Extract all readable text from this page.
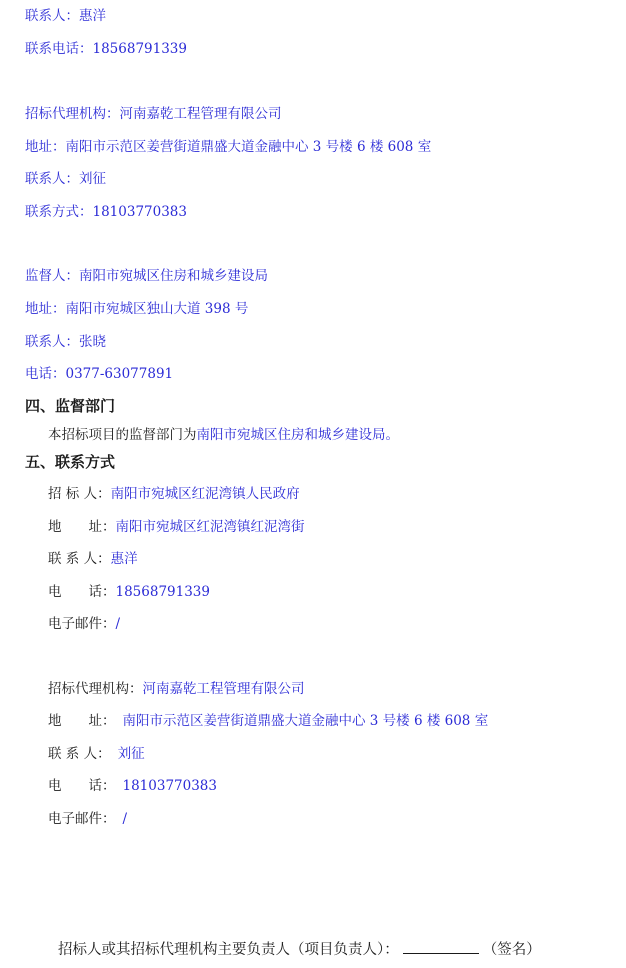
联系人：惠洋
联系电话：18568791339
招标代理机构：河南嘉乾工程管理有限公司
地址：南阳市示范区姜营街道鼎盛大道金融中心 3 号楼 6 楼 608 室
联系人：刘征
联系方式：18103770383
监督人：南阳市宛城区住房和城乡建设局
地址：南阳市宛城区独山大道 398 号
联系人：张晓
电话：0377-63077891
四、监督部门
本招标项目的监督部门为南阳市宛城区住房和城乡建设局。
五、联系方式
招 标 人：南阳市宛城区红泥湾镇人民政府
地　　址：南阳市宛城区红泥湾镇红泥湾街
联 系 人：惠洋
电　　话：18568791339
电子邮件：/
招标代理机构：河南嘉乾工程管理有限公司
地　　址： 南阳市示范区姜营街道鼎盛大道金融中心 3 号楼 6 楼 608 室
联 系 人： 刘征
电　　话： 18103770383
电子邮件： /
招标人或其招标代理机构主要负责人（项目负责人）：	（签名）
